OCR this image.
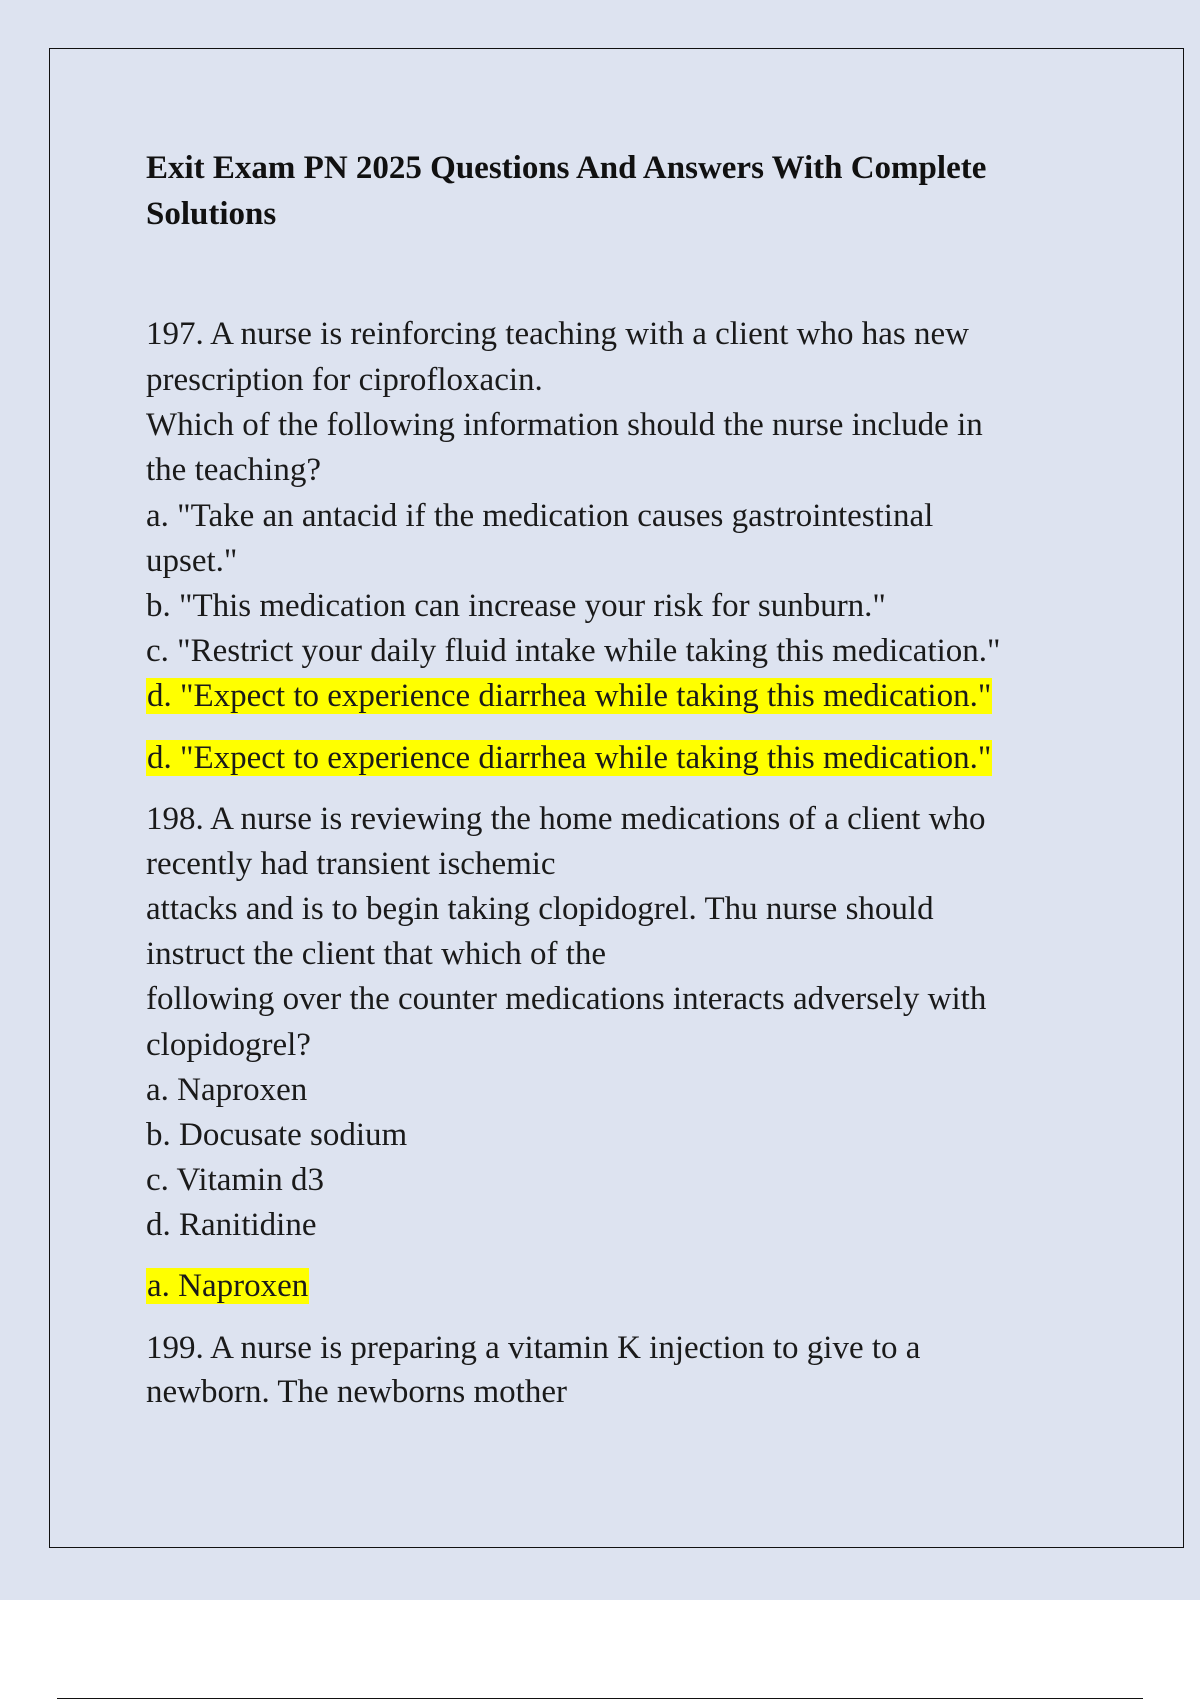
Exit Exam PN 2025 Questions And Answers With Complete Solutions

197. A nurse is reinforcing teaching with a client who has new

prescription for ciprofloxacin.

Which of the following information should the nurse include in

the teaching?

a. "Take an antacid if the medication causes gastrointestinal

upset."

b. "This medication can increase your risk for sunburn."

c. "Restrict your daily fluid intake while taking this medication."

d. "Expect to experience diarrhea while taking this medication."

d. "Expect to experience diarrhea while taking this medication."

198. A nurse is reviewing the home medications of a client who

recently had transient ischemic

attacks and is to begin taking clopidogrel. Thu nurse should

instruct the client that which of the

following over the counter medications interacts adversely with

clopidogrel?

a. Naproxen

b. Docusate sodium

c. Vitamin d3

d. Ranitidine

a. Naproxen

199. A nurse is preparing a vitamin K injection to give to a

newborn. The newborns mother
